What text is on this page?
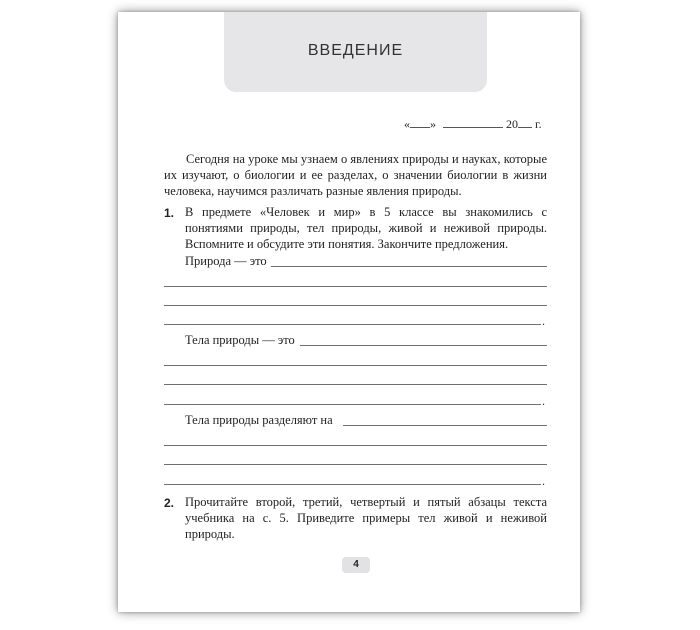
ВВЕДЕНИЕ
« »	20 г.

Сегодня на уроке мы узнаем о явлениях природы и науках, которые их изучают, о биологии и ее разделах, о значении биологии в жизни человека, научимся различать разные явления природы.

1. В предмете «Человек и мир» в 5 классе вы знакомились с понятиями природы, тел природы, живой и неживой природы. Вспомните и обсудите эти понятия. Закончите предложения.

Природа — это
.
Тела природы — это
.
Тела природы разделяют на
.
2. Прочитайте второй, третий, четвертый и пятый абзацы текста учебника на с. 5. Приведите примеры тел живой и неживой природы.

4
